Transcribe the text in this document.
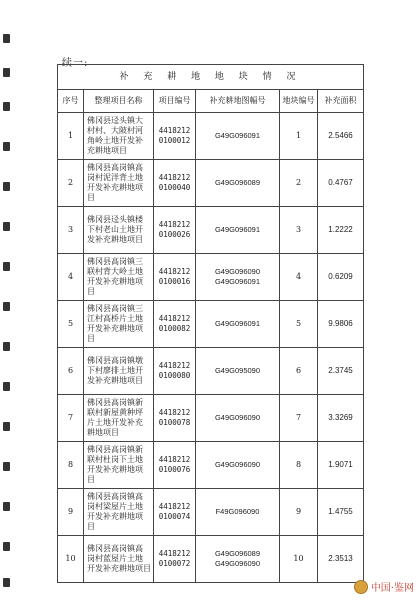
续一:
补 充 耕 地 地 块 情 况					
序号	整理项目名称	项目编号	补充耕地图幅号	地块编号	补充面积
1	佛冈县迳头镇大
村村、大陂村河
角岭土地开发补
充耕地项目	4418212
0100012	G49G096091	1	2.5466
2	佛冈县高岗镇高
岗村泥洋背土地
开发补充耕地项
目	4418212
0100040	G49G096089	2	0.4767
3	佛冈县迳头镇楼
下村老山土地开
发补充耕地项目	4418212
0100026	G49G096091	3	1.2222
4	佛冈县高岗镇三
联村背大岭土地
开发补充耕地项
目	4418212
0100016	G49G096090
G49G096091	4	0.6209
5	佛冈县高岗镇三
江村高桥片土地
开发补充耕地项
目	4418212
0100082	G49G096091	5	9.9806
6	佛冈县高岗镇墩
下村廖排土地开
发补充耕地项目	4418212
0100080	G49G095090	6	2.3745
7	佛冈县高岗镇新
联村新屋黄种坪
片土地开发补充
耕地项目	4418212
0100078	G49G096090	7	3.3269
8	佛冈县高岗镇新
联村杜岗下土地
开发补充耕地项
目	4418212
0100076	G49G096090	8	1.9071
9	佛冈县高岗镇高
岗村梁屋片土地
开发补充耕地项
目	4418212
0100074	F49G096090	9	1.4755
10	佛冈县高岗镇高
岗村蓝屋片土地
开发补充耕地项目	4418212
0100072	G49G096089
G49G096090	10	2.3513
中国·鉴网
